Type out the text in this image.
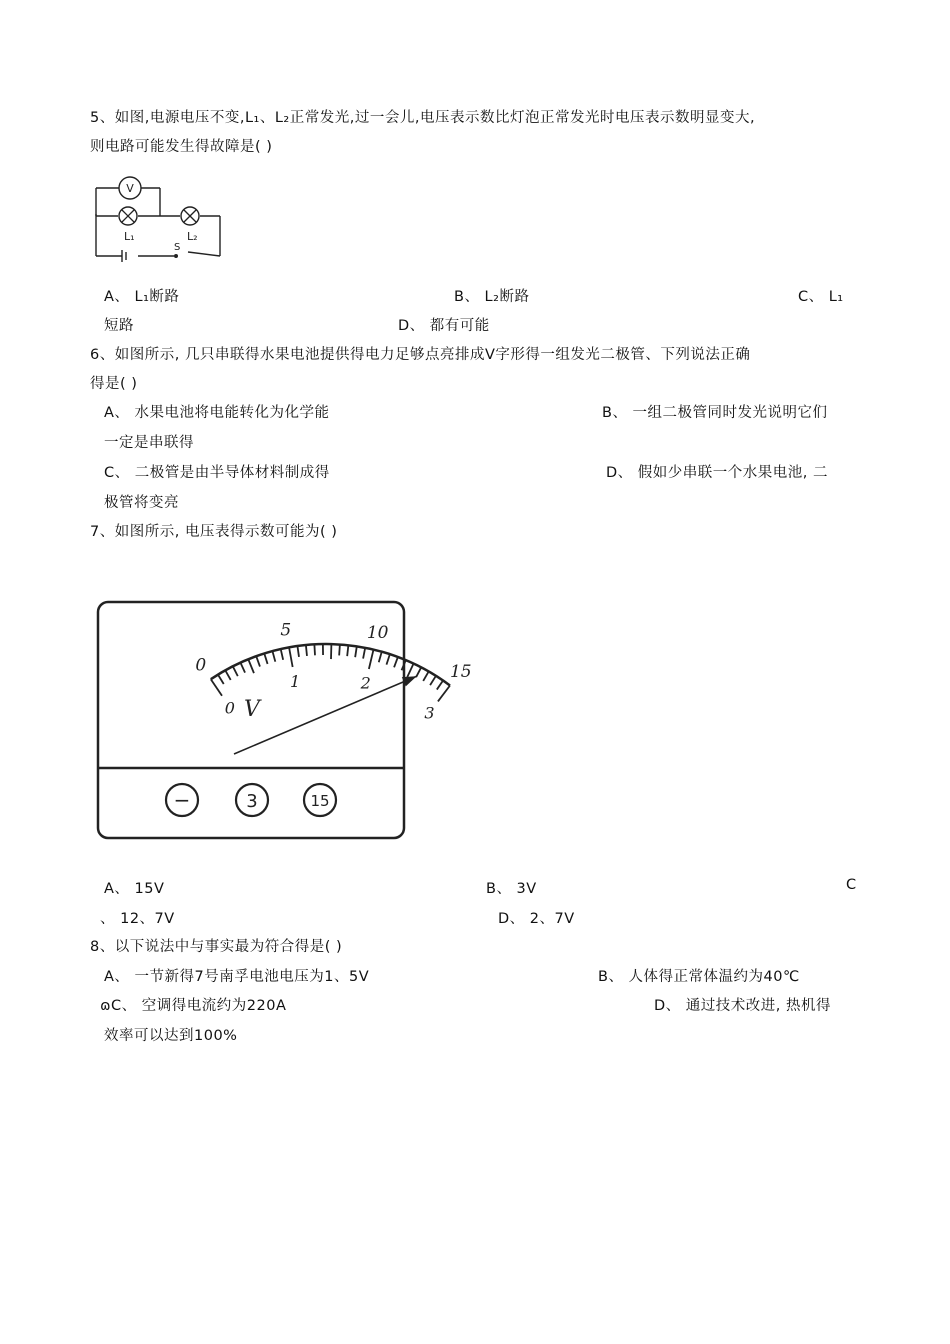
5、如图,电源电压不变,L₁、L₂正常发光,过一会儿,电压表示数比灯泡正常发光时电压表示数明显变大,
则电路可能发生得故障是( )
V
L₁	L₂
S
A、 L₁断路	B、 L₂断路	C、 L₁
短路	D、 都有可能
6、如图所示, 几只串联得水果电池提供得电力足够点亮排成V字形得一组发光二极管、下列说法正确
得是( )
A、 水果电池将电能转化为化学能	B、 一组二极管同时发光说明它们
一定是串联得
C、 二极管是由半导体材料制成得	D、 假如少串联一个水果电池, 二
极管将变亮
7、如图所示, 电压表得示数可能为( )
0
5	10
15
0
1	2
3
V
−	3	15
A、 15V	B、 3V	C
、 12、7V	D、 2、7V
8、以下说法中与事实最为符合得是( )
A、 一节新得7号南孚电池电压为1、5V	B、 人体得正常体温约为40℃
ɷC、 空调得电流约为220A	D、 通过技术改进, 热机得
效率可以达到100%
